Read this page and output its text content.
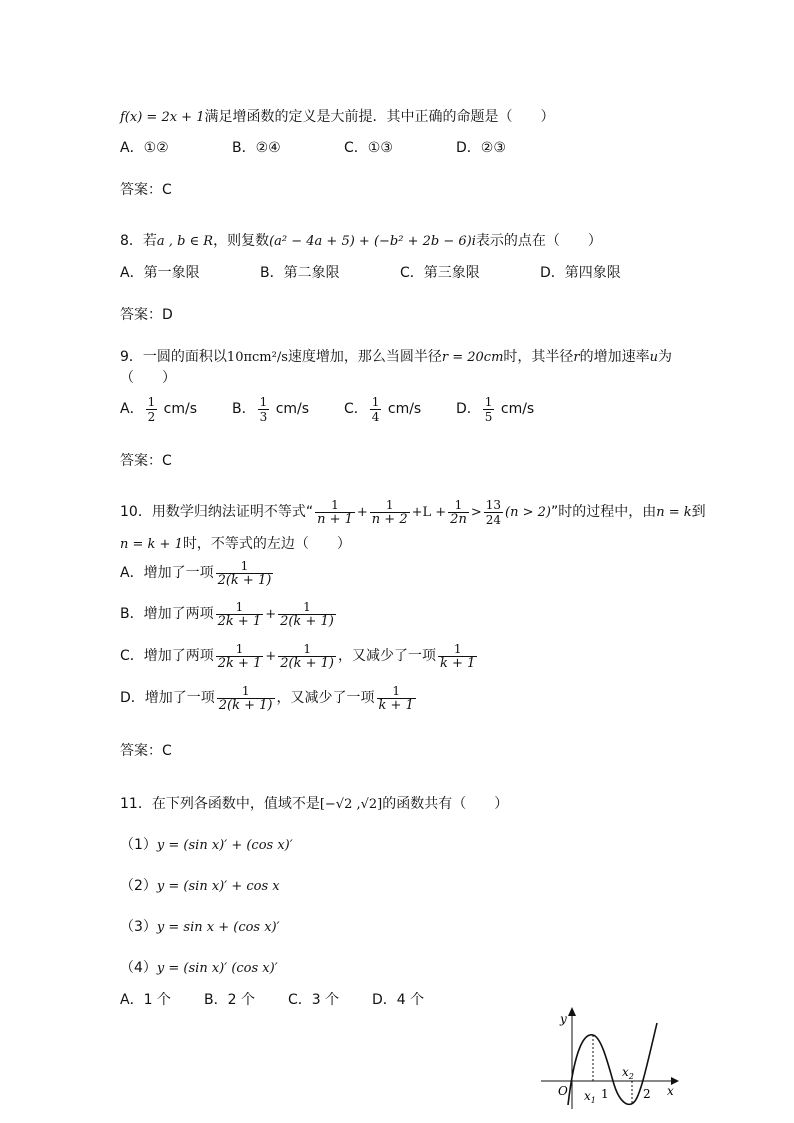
f(x) = 2x + 1满足增函数的定义是大前提．其中正确的命题是（　　）
A．①②	B．②④	C．①③	D．②③
答案：C
8．若a , b ∈ R，则复数(a² − 4a + 5) + (−b² + 2b − 6)i表示的点在（　　）
A．第一象限	B．第二象限	C．第三象限	D．第四象限
答案：D
9．一圆的面积以10πcm²/s速度增加，那么当圆半径r = 20cm时，其半径r的增加速率u为
（　　）
A． $\frac{1}{2} cm/s$ B． $\frac{1}{3} cm/s$ C． $\frac{1}{4} cm/s$ D． $\frac{1}{5} cm/s$
答案：C
10．用数学归纳法证明不等式“ $\frac{1}{n + 1} + \frac{1}{n + 2} +L + \frac{1}{2n} > \frac{13}{24} (n > 2)$”时的过程中，由n = k到
n = k + 1时，不等式的左边（　　）
A．增加了一项 $\frac{1}{2(k + 1)}$
B．增加了两项 $\frac{1}{2k + 1} + \frac{1}{2(k + 1)}$
C．增加了两项 $\frac{1}{2k + 1} + \frac{1}{2(k + 1)}$ ，又减少了一项 $\frac{1}{k + 1}$
D．增加了一项 $\frac{1}{2(k + 1)}$ ，又减少了一项 $\frac{1}{k + 1}$
答案：C
11．在下列各函数中，值域不是[−√2 ,√2]的函数共有（　　）
（1）y = (sin x)′ + (cos x)′
（2）y = (sin x)′ + cos x
（3）y = sin x + (cos x)′
（4）y = (sin x)′ (cos x)′
A．1 个 B．2 个 C．3 个 D．4 个
y
x
O $x_1$ 1
$x_2$
2
